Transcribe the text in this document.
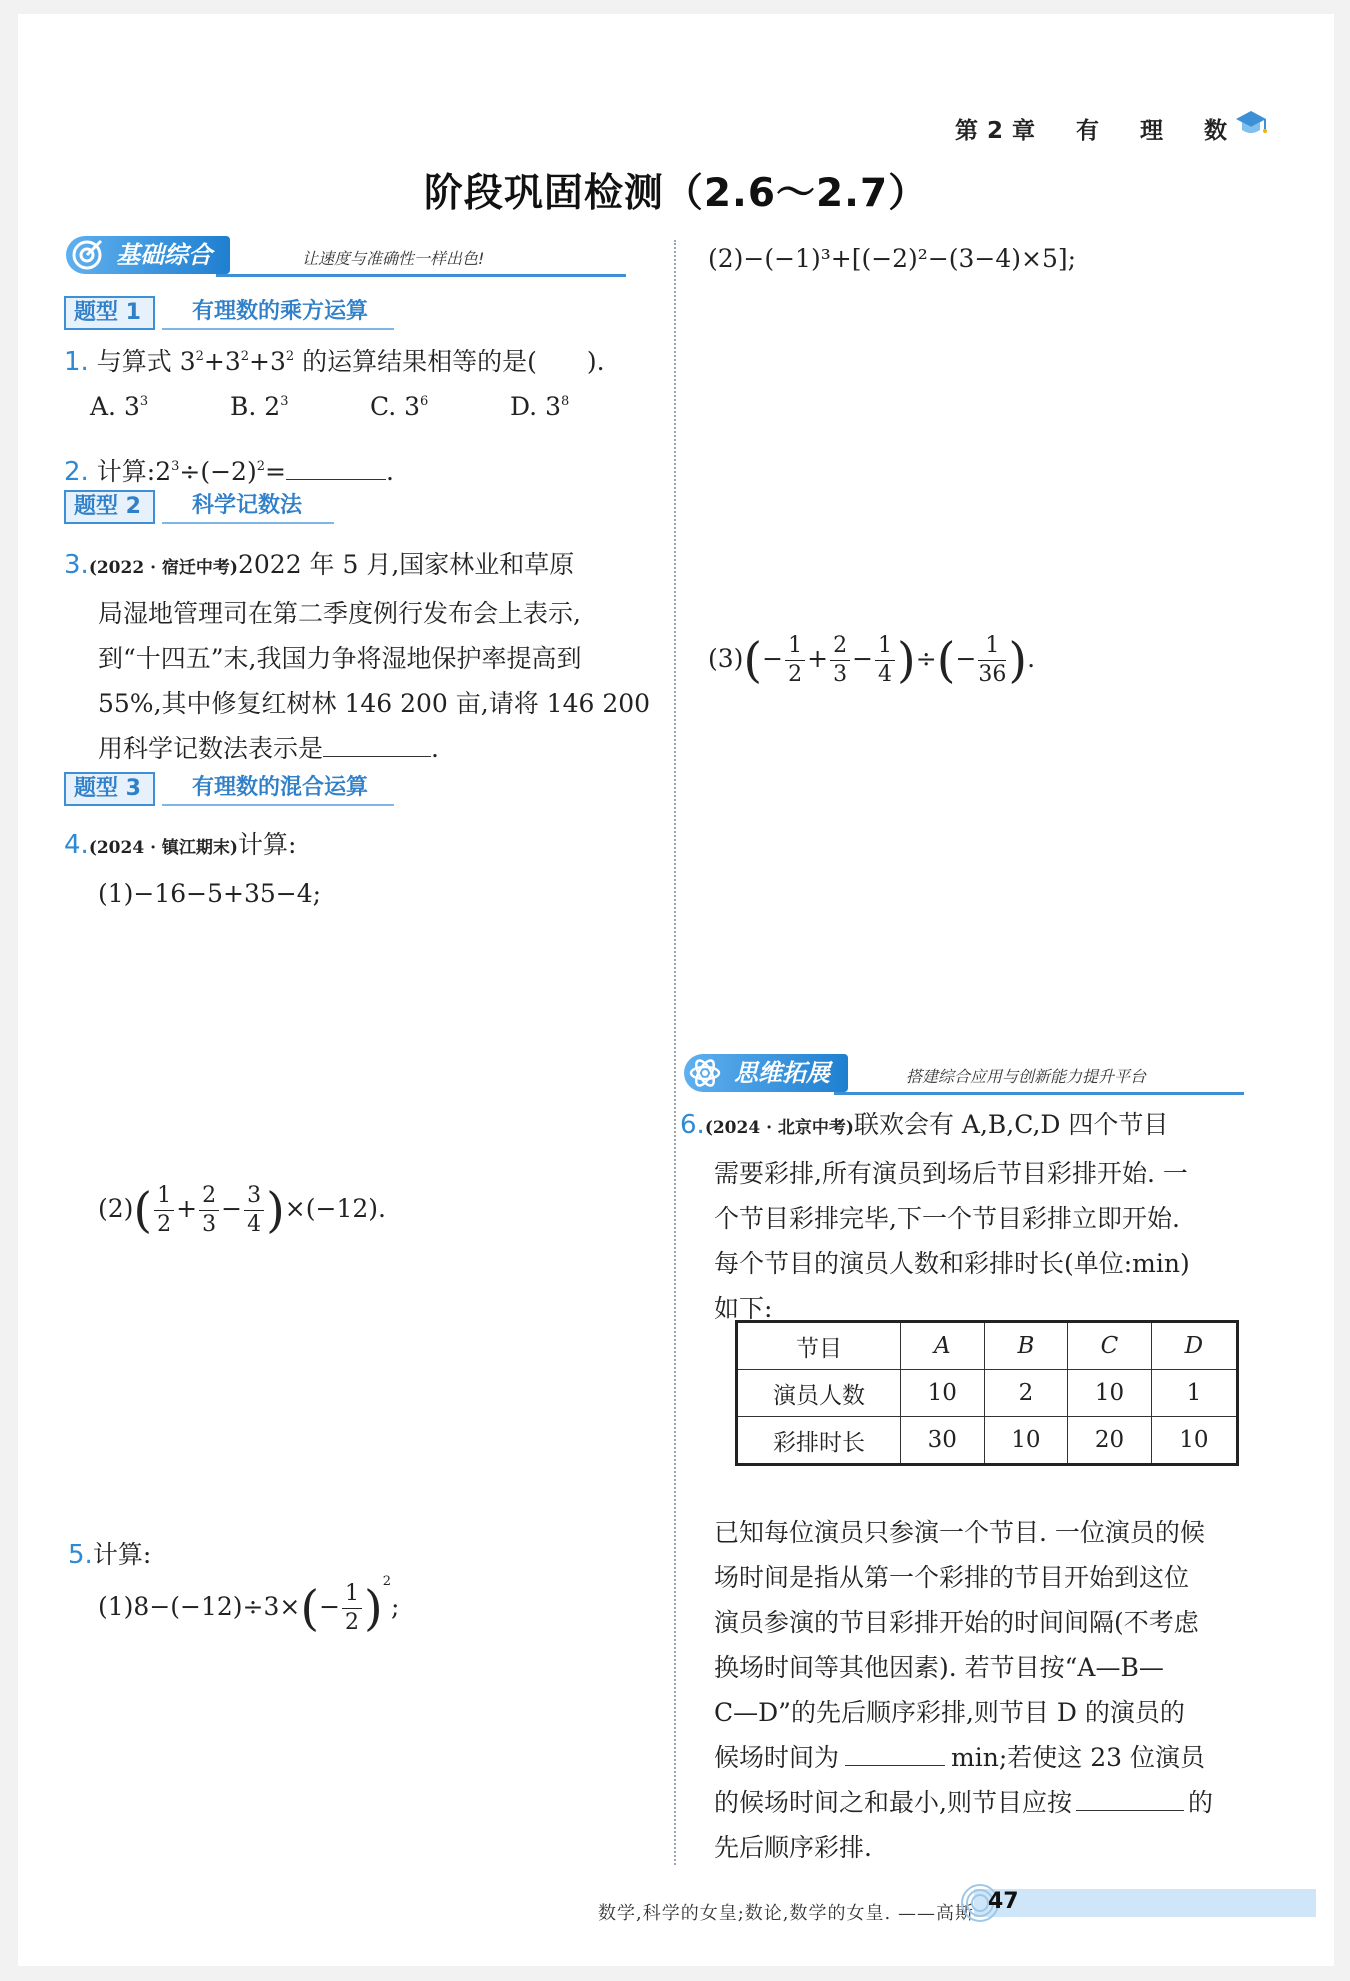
第2章　有　理　数
阶段巩固检测（2.6～2.7）
基础综合	让速度与准确性一样出色!
题型 1	有理数的乘方运算
1. 与算式 $3^2+3^2+3^2$ 的运算结果相等的是(　　).
A. $3^3$	B. $2^3$	C. $3^6$	D. $3^8$
2. 计算$:2^3\div(-2)^2=$	.
题型 2	科学记数法
3.(2022 · 宿迁中考)2022 年 5 月,国家林业和草原
局湿地管理司在第二季度例行发布会上表示,
到“十四五”末,我国力争将湿地保护率提高到
55%,其中修复红树林 146 200 亩,请将 146 200
用科学记数法表示是	.
题型 3	有理数的混合运算
4.(2024 · 镇江期末)计算:
(1)−16−5+35−4;
$(2)( \frac{1}{2} + \frac{2}{3} - \frac{3}{4} )\times(-12)$.
5.计算:
$(1)8-(-12)\div 3\times(- \frac{1}{2} )^2$;
(2)−(−1)³+[(−2)²−(3−4)×5];
$(3)(- \frac{1}{2} + \frac{2}{3} - \frac{1}{4}$ )÷(− $\frac{1}{36}$ ).
思维拓展	搭建综合应用与创新能力提升平台
6.(2024 · 北京中考)联欢会有 A,B,C,D 四个节目
需要彩排,所有演员到场后节目彩排开始. 一
个节目彩排完毕,下一个节目彩排立即开始.
每个节目的演员人数和彩排时长(单位:min)
如下:
节目	A	B	C	D
演员人数	10	2	10	1
彩排时长	30	10	20	10
已知每位演员只参演一个节目. 一位演员的候
场时间是指从第一个彩排的节目开始到这位
演员参演的节目彩排开始的时间间隔(不考虑
换场时间等其他因素). 若节目按“A—B—
C—D”的先后顺序彩排,则节目 D 的演员的
候场时间为	min;若使这 23 位演员
的候场时间之和最小,则节目应按	的
先后顺序彩排.
数学,科学的女皇;数论,数学的女皇. ——高斯 47
